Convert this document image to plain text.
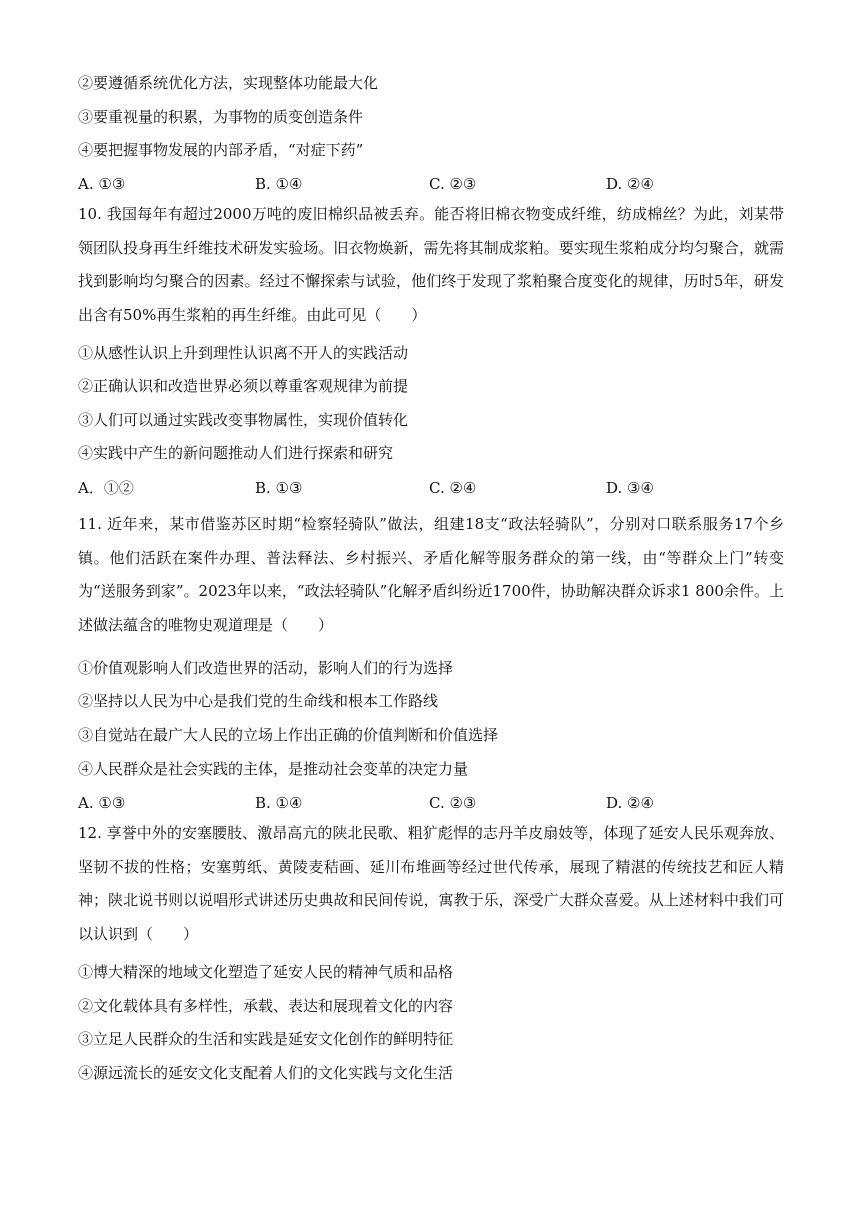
②要遵循系统优化方法，实现整体功能最大化
③要重视量的积累，为事物的质变创造条件
④要把握事物发展的内部矛盾，“对症下药”
A. ①③	B. ①④	C. ②③	D. ②④
10. 我国每年有超过2000万吨的废旧棉织品被丢弃。能否将旧棉衣物变成纤维，纺成棉丝？为此，刘某带领团队投身再生纤维技术研发实验场。旧衣物焕新，需先将其制成浆粕。要实现生浆粕成分均匀聚合，就需找到影响均匀聚合的因素。经过不懈探索与试验，他们终于发现了浆粕聚合度变化的规律，历时5年，研发出含有50%再生浆粕的再生纤维。由此可见（　　）
①从感性认识上升到理性认识离不开人的实践活动
②正确认识和改造世界必须以尊重客观规律为前提
③人们可以通过实践改变事物属性，实现价值转化
④实践中产生的新问题推动人们进行探索和研究
A．①②	B. ①③	C. ②④	D. ③④
11. 近年来，某市借鉴苏区时期“检察轻骑队”做法，组建18支“政法轻骑队”，分别对口联系服务17个乡镇。他们活跃在案件办理、普法释法、乡村振兴、矛盾化解等服务群众的第一线，由“等群众上门”转变为“送服务到家”。2023年以来，“政法轻骑队”化解矛盾纠纷近1700件，协助解决群众诉求1 800余件。上述做法蕴含的唯物史观道理是（　　）
①价值观影响人们改造世界的活动，影响人们的行为选择
②坚持以人民为中心是我们党的生命线和根本工作路线
③自觉站在最广大人民的立场上作出正确的价值判断和价值选择
④人民群众是社会实践的主体，是推动社会变革的决定力量
A. ①③	B. ①④	C. ②③	D. ②④
12. 享誉中外的安塞腰肢、激昂高亢的陕北民歌、粗犷彪悍的志丹羊皮扇妓等，体现了延安人民乐观奔放、坚韧不拔的性格；安塞剪纸、黄陵麦秸画、延川布堆画等经过世代传承，展现了精湛的传统技艺和匠人精神；陕北说书则以说唱形式讲述历史典故和民间传说，寓教于乐，深受广大群众喜爱。从上述材料中我们可以认识到（　　）
①博大精深的地域文化塑造了延安人民的精神气质和品格
②文化载体具有多样性，承载、表达和展现着文化的内容
③立足人民群众的生活和实践是延安文化创作的鲜明特征
④源远流长的延安文化支配着人们的文化实践与文化生活
